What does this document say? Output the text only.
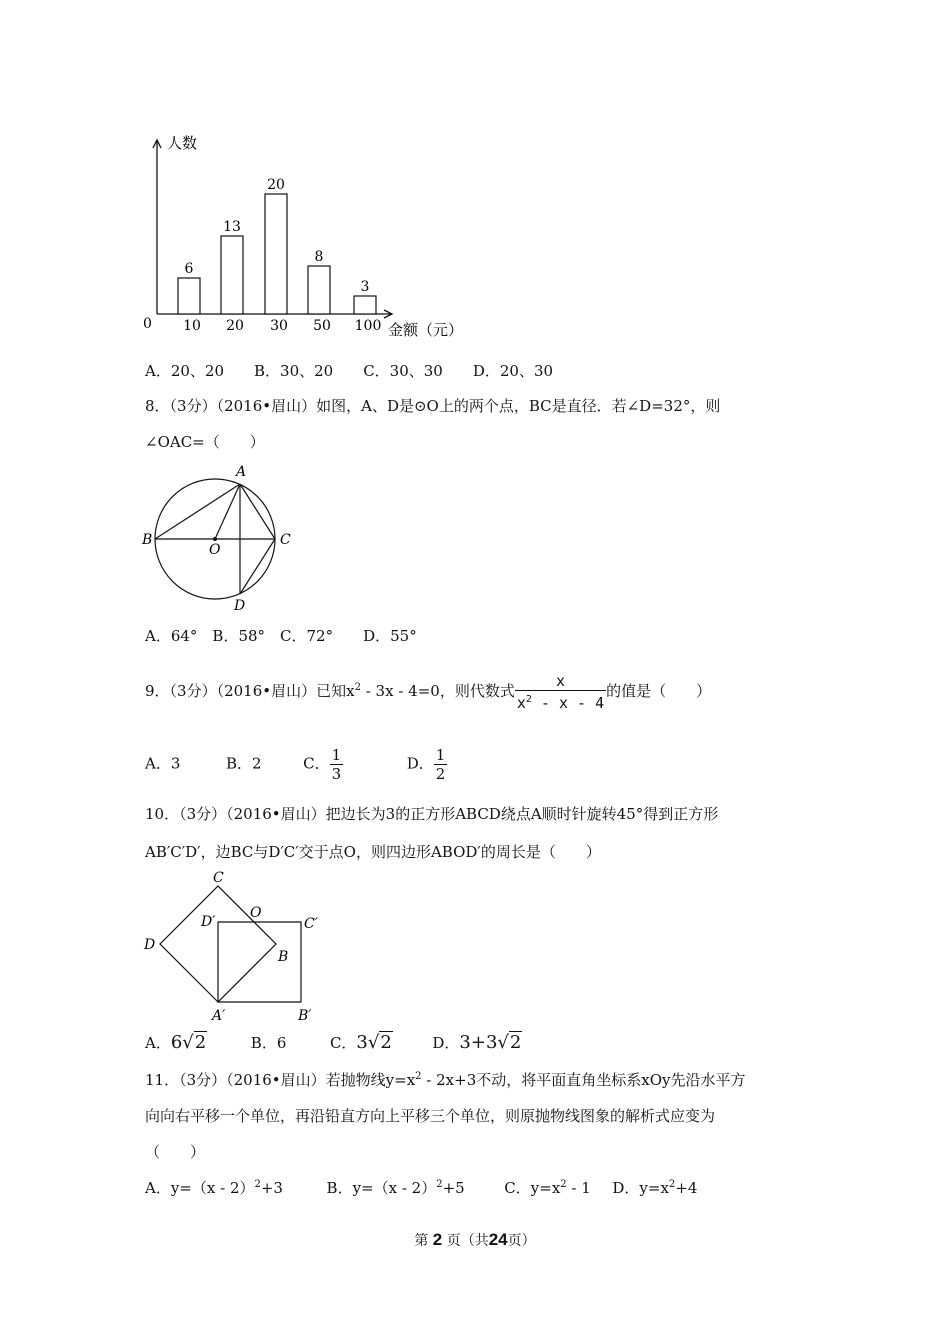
人数
金额（元）
0
6
10
13
20
20
30
8
50
3
100
A．20、20　　B．30、20　　C．30、30　　D．20、30
8．（3分）（2016•眉山）如图，A、D是⊙O上的两个点，BC是直径．若∠D=32°，则
∠OAC=（　　）
A
B	C
O
D
A．64°　B．58°　C．72°　　D．55°
9．（3分）（2016•眉山）已知$x^2 - 3x - 4=0$，则代数式 $\frac{x}{x^2 - x - 4}$ 的值是（　　）
A．3	B．2	C． $\frac{1}{3}$	D． $\frac{1}{2}$
10．（3分）（2016•眉山）把边长为3的正方形ABCD绕点A顺时针旋转45°得到正方形
AB′C′D′，边BC与D′C′交于点O，则四边形ABOD′的周长是（　　）
C
D′
O
C′
D
B
A′	B′
A．6√2	B．6	C．3√2	D．3+3√2
11．（3分）（2016•眉山）若抛物线$y=x^2 - 2x+3$不动，将平面直角坐标系xOy先沿水平方
向向右平移一个单位，再沿铅直方向上平移三个单位，则原抛物线图象的解析式应变为
（　　）
A．y=（x - 2）$^2$+3	B．y=（x - 2）$^2$+5	C．$y=x^2 - 1$ D．$y=x^2+4$
第 2 页（共24页）
